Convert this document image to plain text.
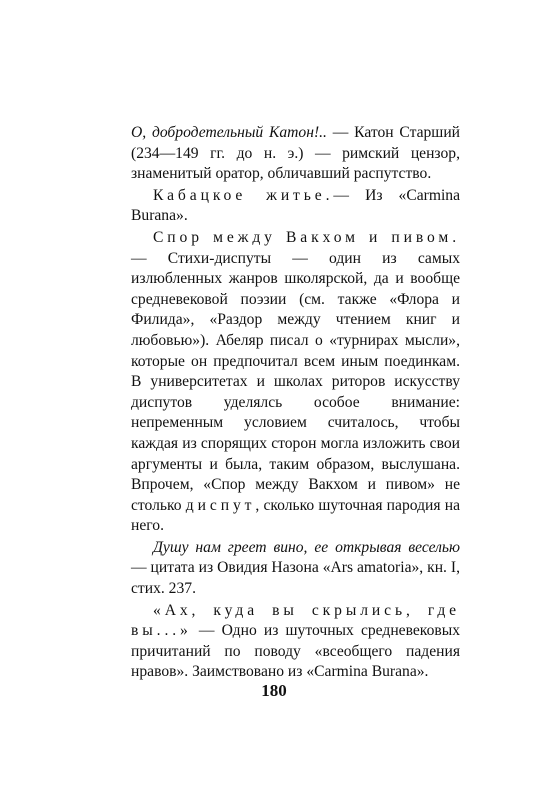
О, добродетельный Катон!.. — Катон Старший (234—149 гг. до н. э.) — римский цензор, знаменитый оратор, обличавший распутство.

Кабацкое житье.— Из «Carmina Burana».

Спор между Вакхом и пивом.— Стихи-диспуты — один из самых излюбленных жанров школярской, да и вообще средневековой поэзии (см. также «Флора и Филида», «Раздор между чтением книг и любовью»). Абеляр писал о «турнирах мысли», которые он предпочитал всем иным поединкам. В университетах и школах риторов искусству диспутов уделялсь особое внимание: непременным условием считалось, чтобы каждая из спорящих сторон могла изложить свои аргументы и была, таким образом, выслушана. Впрочем, «Спор между Вакхом и пивом» не столько диспут, сколько шуточная пародия на него.

Душу нам греет вино, ее открывая веселью — цитата из Овидия Назона «Ars amatoria», кн. I, стих. 237.

«Ах, куда вы скрылись, где вы...» — Одно из шуточных средневековых причитаний по поводу «всеобщего падения нравов». Заимствовано из «Carmina Burana».

180
